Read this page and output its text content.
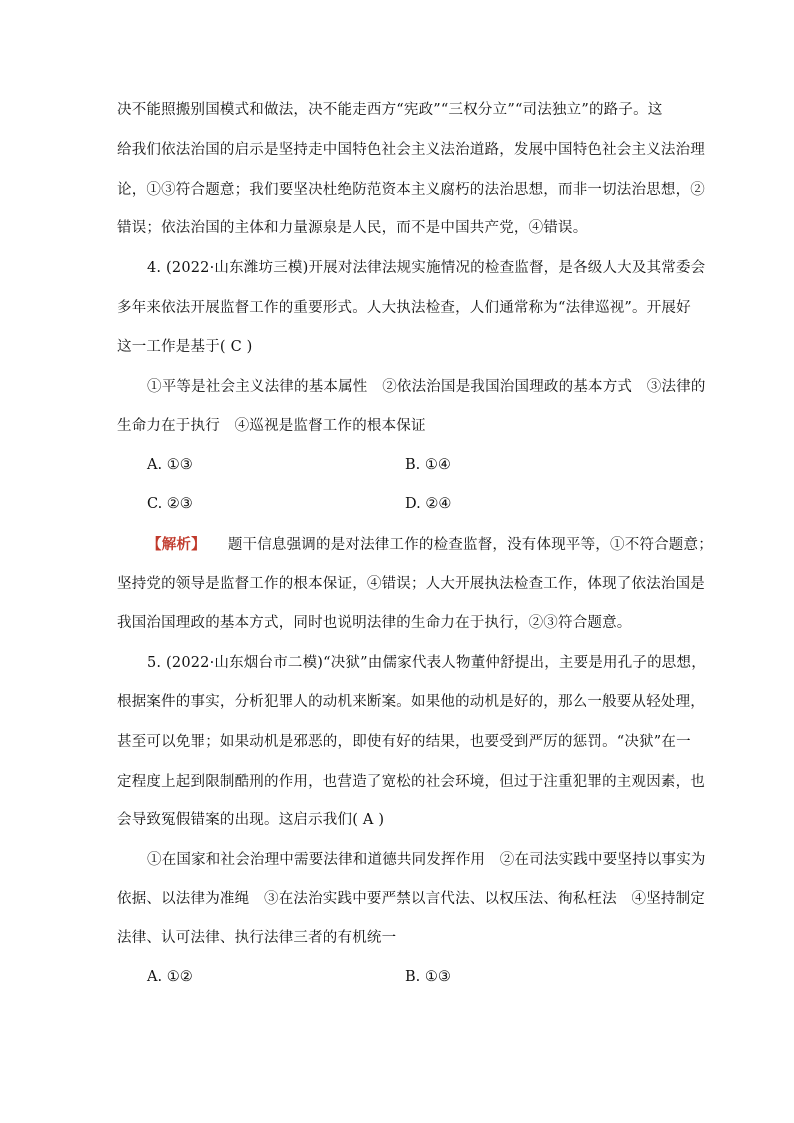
决不能照搬别国模式和做法，决不能走西方“宪政”“三权分立”“司法独立”的路子。这
给我们依法治国的启示是坚持走中国特色社会主义法治道路，发展中国特色社会主义法治理
论，①③符合题意；我们要坚决杜绝防范资本主义腐朽的法治思想，而非一切法治思想，②
错误；依法治国的主体和力量源泉是人民，而不是中国共产党，④错误。
4. (2022·山东潍坊三模)开展对法律法规实施情况的检查监督，是各级人大及其常委会
多年来依法开展监督工作的重要形式。人大执法检查，人们通常称为“法律巡视”。开展好
这一工作是基于( C )
①平等是社会主义法律的基本属性　②依法治国是我国治国理政的基本方式　③法律的
生命力在于执行　④巡视是监督工作的根本保证
A. ①③	B. ①④
C. ②③	D. ②④
【解析】 题干信息强调的是对法律工作的检查监督，没有体现平等，①不符合题意；
坚持党的领导是监督工作的根本保证，④错误；人大开展执法检查工作，体现了依法治国是
我国治国理政的基本方式，同时也说明法律的生命力在于执行，②③符合题意。
5. (2022·山东烟台市二模)“决狱”由儒家代表人物董仲舒提出，主要是用孔子的思想，
根据案件的事实，分析犯罪人的动机来断案。如果他的动机是好的，那么一般要从轻处理，
甚至可以免罪；如果动机是邪恶的，即使有好的结果，也要受到严厉的惩罚。“决狱”在一
定程度上起到限制酷刑的作用，也营造了宽松的社会环境，但过于注重犯罪的主观因素，也
会导致冤假错案的出现。这启示我们( A )
①在国家和社会治理中需要法律和道德共同发挥作用　②在司法实践中要坚持以事实为
依据、以法律为准绳　③在法治实践中要严禁以言代法、以权压法、徇私枉法　④坚持制定
法律、认可法律、执行法律三者的有机统一
A. ①②	B. ①③
